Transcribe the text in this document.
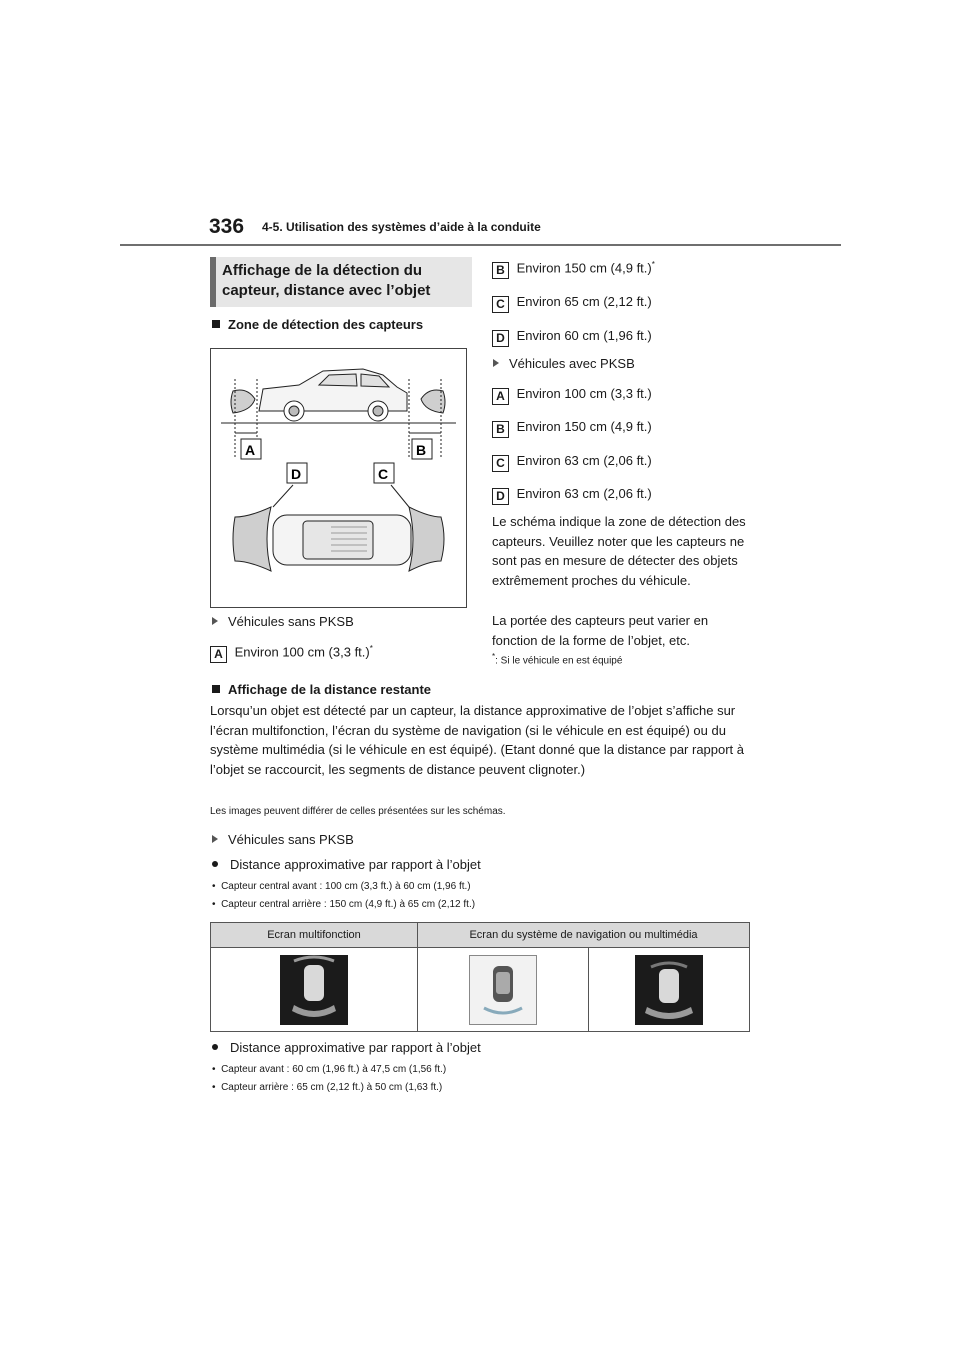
336 4-5. Utilisation des systèmes d’aide à la conduite
Affichage de la détection du capteur, distance avec l’objet
Zone de détection des capteurs
A	B
D	C
Véhicules sans PKSB
A Environ 100 cm (3,3 ft.)*
B Environ 150 cm (4,9 ft.)*
C Environ 65 cm (2,12 ft.)
D Environ 60 cm (1,96 ft.)
Véhicules avec PKSB
A Environ 100 cm (3,3 ft.)
B Environ 150 cm (4,9 ft.)
C Environ 63 cm (2,06 ft.)
D Environ 63 cm (2,06 ft.)
Le schéma indique la zone de détection des capteurs. Veuillez noter que les capteurs ne sont pas en mesure de détecter des objets extrêmement proches du véhicule.
La portée des capteurs peut varier en fonction de la forme de l’objet, etc.
*: Si le véhicule en est équipé
Affichage de la distance restante
Lorsqu’un objet est détecté par un capteur, la distance approximative de l’objet s’affiche sur l’écran multifonction, l’écran du système de navigation (si le véhicule en est équipé) ou du système multimédia (si le véhicule en est équipé). (Etant donné que la distance par rapport à l’objet se raccourcit, les segments de distance peuvent clignoter.)
Les images peuvent différer de celles présentées sur les schémas.
Véhicules sans PKSB
Distance approximative par rapport à l’objet
•  Capteur central avant : 100 cm (3,3 ft.) à 60 cm (1,96 ft.)
•  Capteur central arrière : 150 cm (4,9 ft.) à 65 cm (2,12 ft.)
Ecran multifonction	Ecran du système de navigation ou multimédia	

Distance approximative par rapport à l’objet
•  Capteur avant : 60 cm (1,96 ft.) à 47,5 cm (1,56 ft.)
•  Capteur arrière : 65 cm (2,12 ft.) à 50 cm (1,63 ft.)
